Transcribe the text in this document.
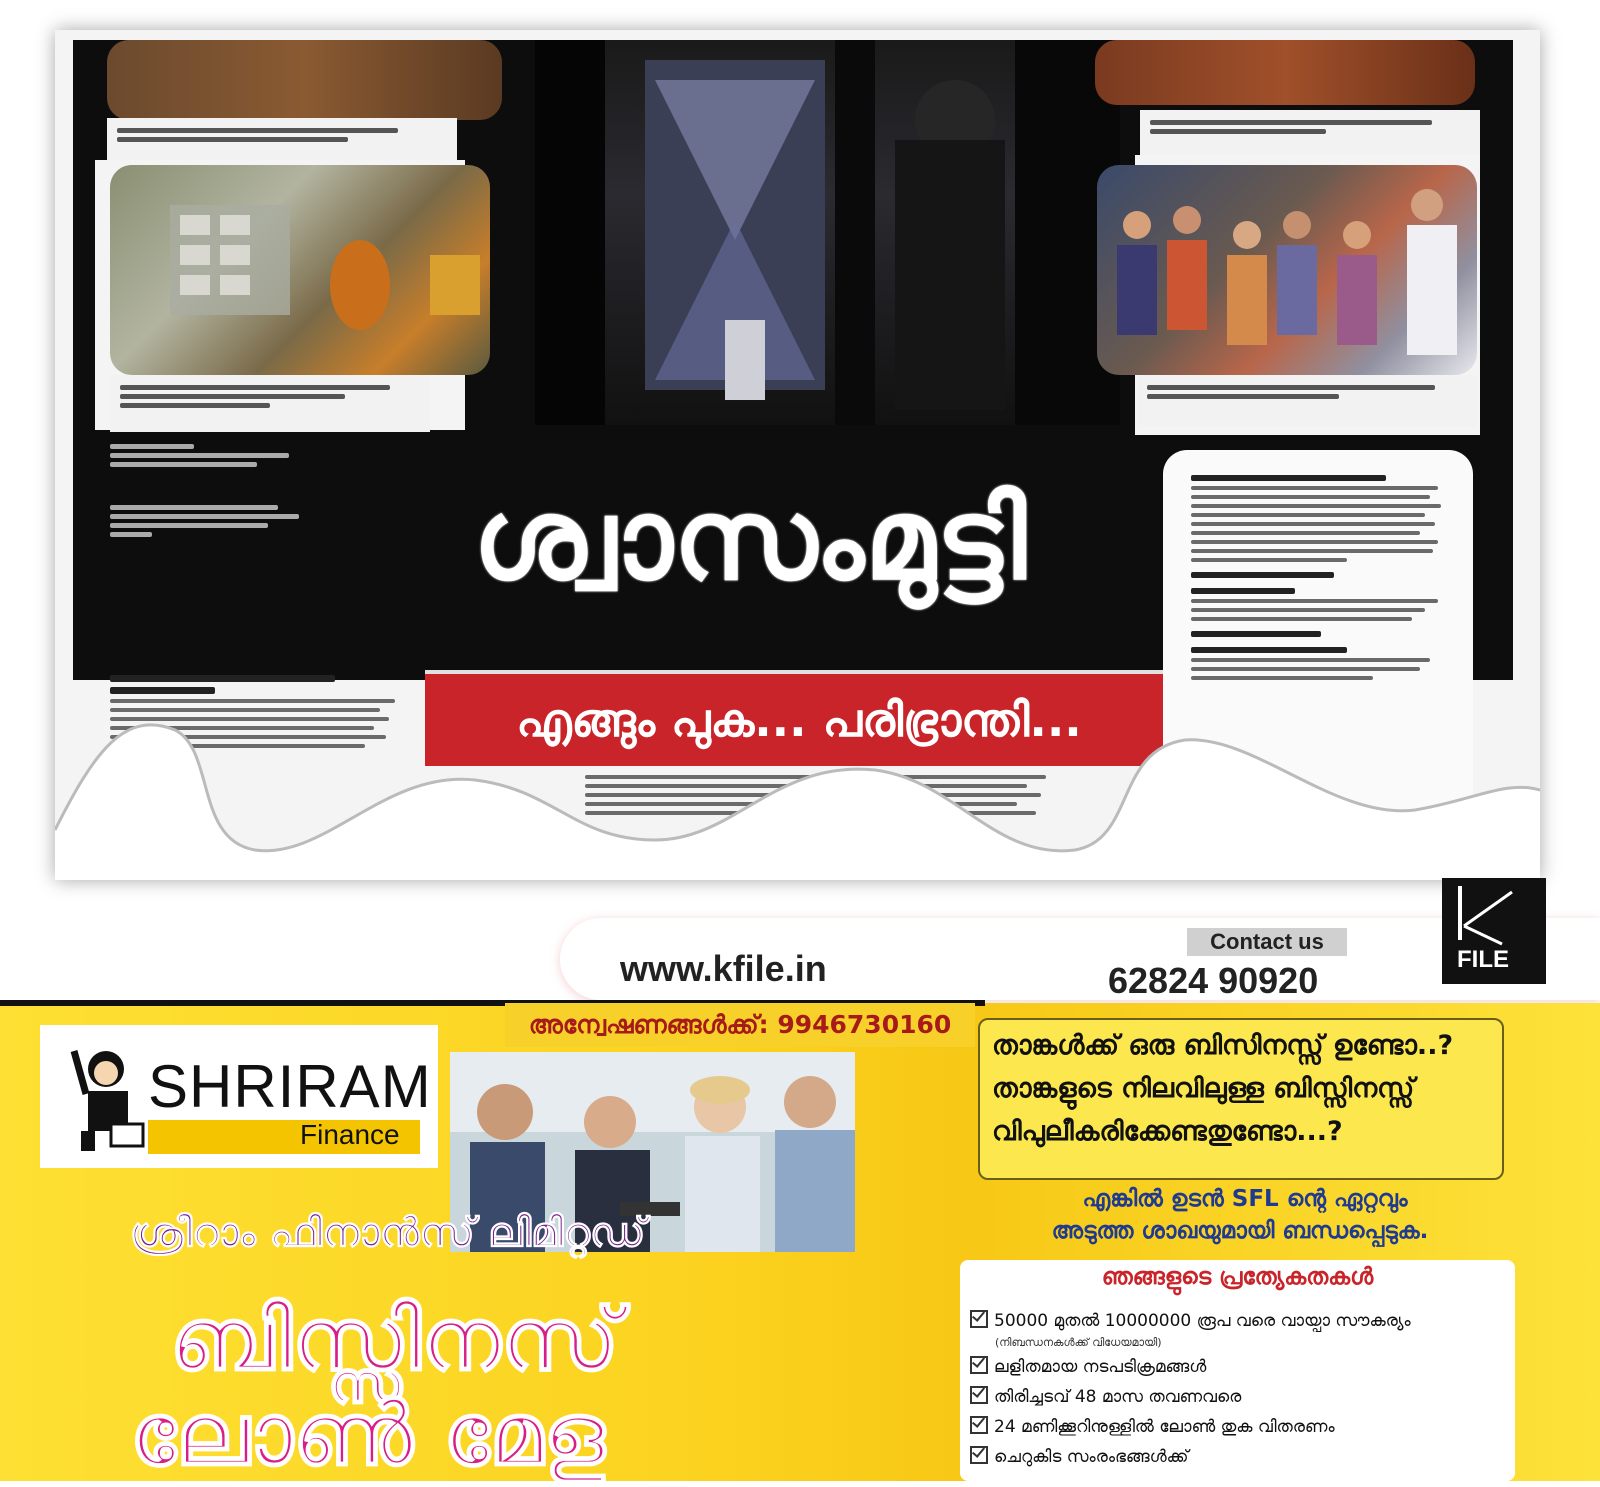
ശ്വാസംമുട്ടി
എങ്ങും പുക... പരിഭ്രാന്തി...
www.kfile.in
Contact us
62824 90920
FILE
അന്വേഷണങ്ങൾക്ക്: 9946730160
SHRIRAM
Finance
ശ്രീറാം ഫിനാൻസ് ലിമിറ്റഡ്
ബിസ്സിനസ്
ലോൺ മേള
താങ്കൾക്ക് ഒരു ബിസിനസ്സ് ഉണ്ടോ..?
താങ്കളുടെ നിലവിലുള്ള ബിസ്സിനസ്സ്
വിപുലീകരിക്കേണ്ടതുണ്ടോ...?
എങ്കിൽ ഉടൻ SFL ന്റെ ഏറ്റവും
അടുത്ത ശാഖയുമായി ബന്ധപ്പെടുക.
ഞങ്ങളുടെ പ്രത്യേകതകൾ
50000 മുതൽ 10000000 രൂപ വരെ വായ്പാ സൗകര്യം
(നിബന്ധനകൾക്ക് വിധേയമായി)
ലളിതമായ നടപടിക്രമങ്ങൾ
തിരിച്ചടവ് 48 മാസ തവണവരെ
24 മണിക്കൂറിനുള്ളിൽ ലോൺ തുക വിതരണം
ചെറുകിട സംരംഭങ്ങൾക്ക്
